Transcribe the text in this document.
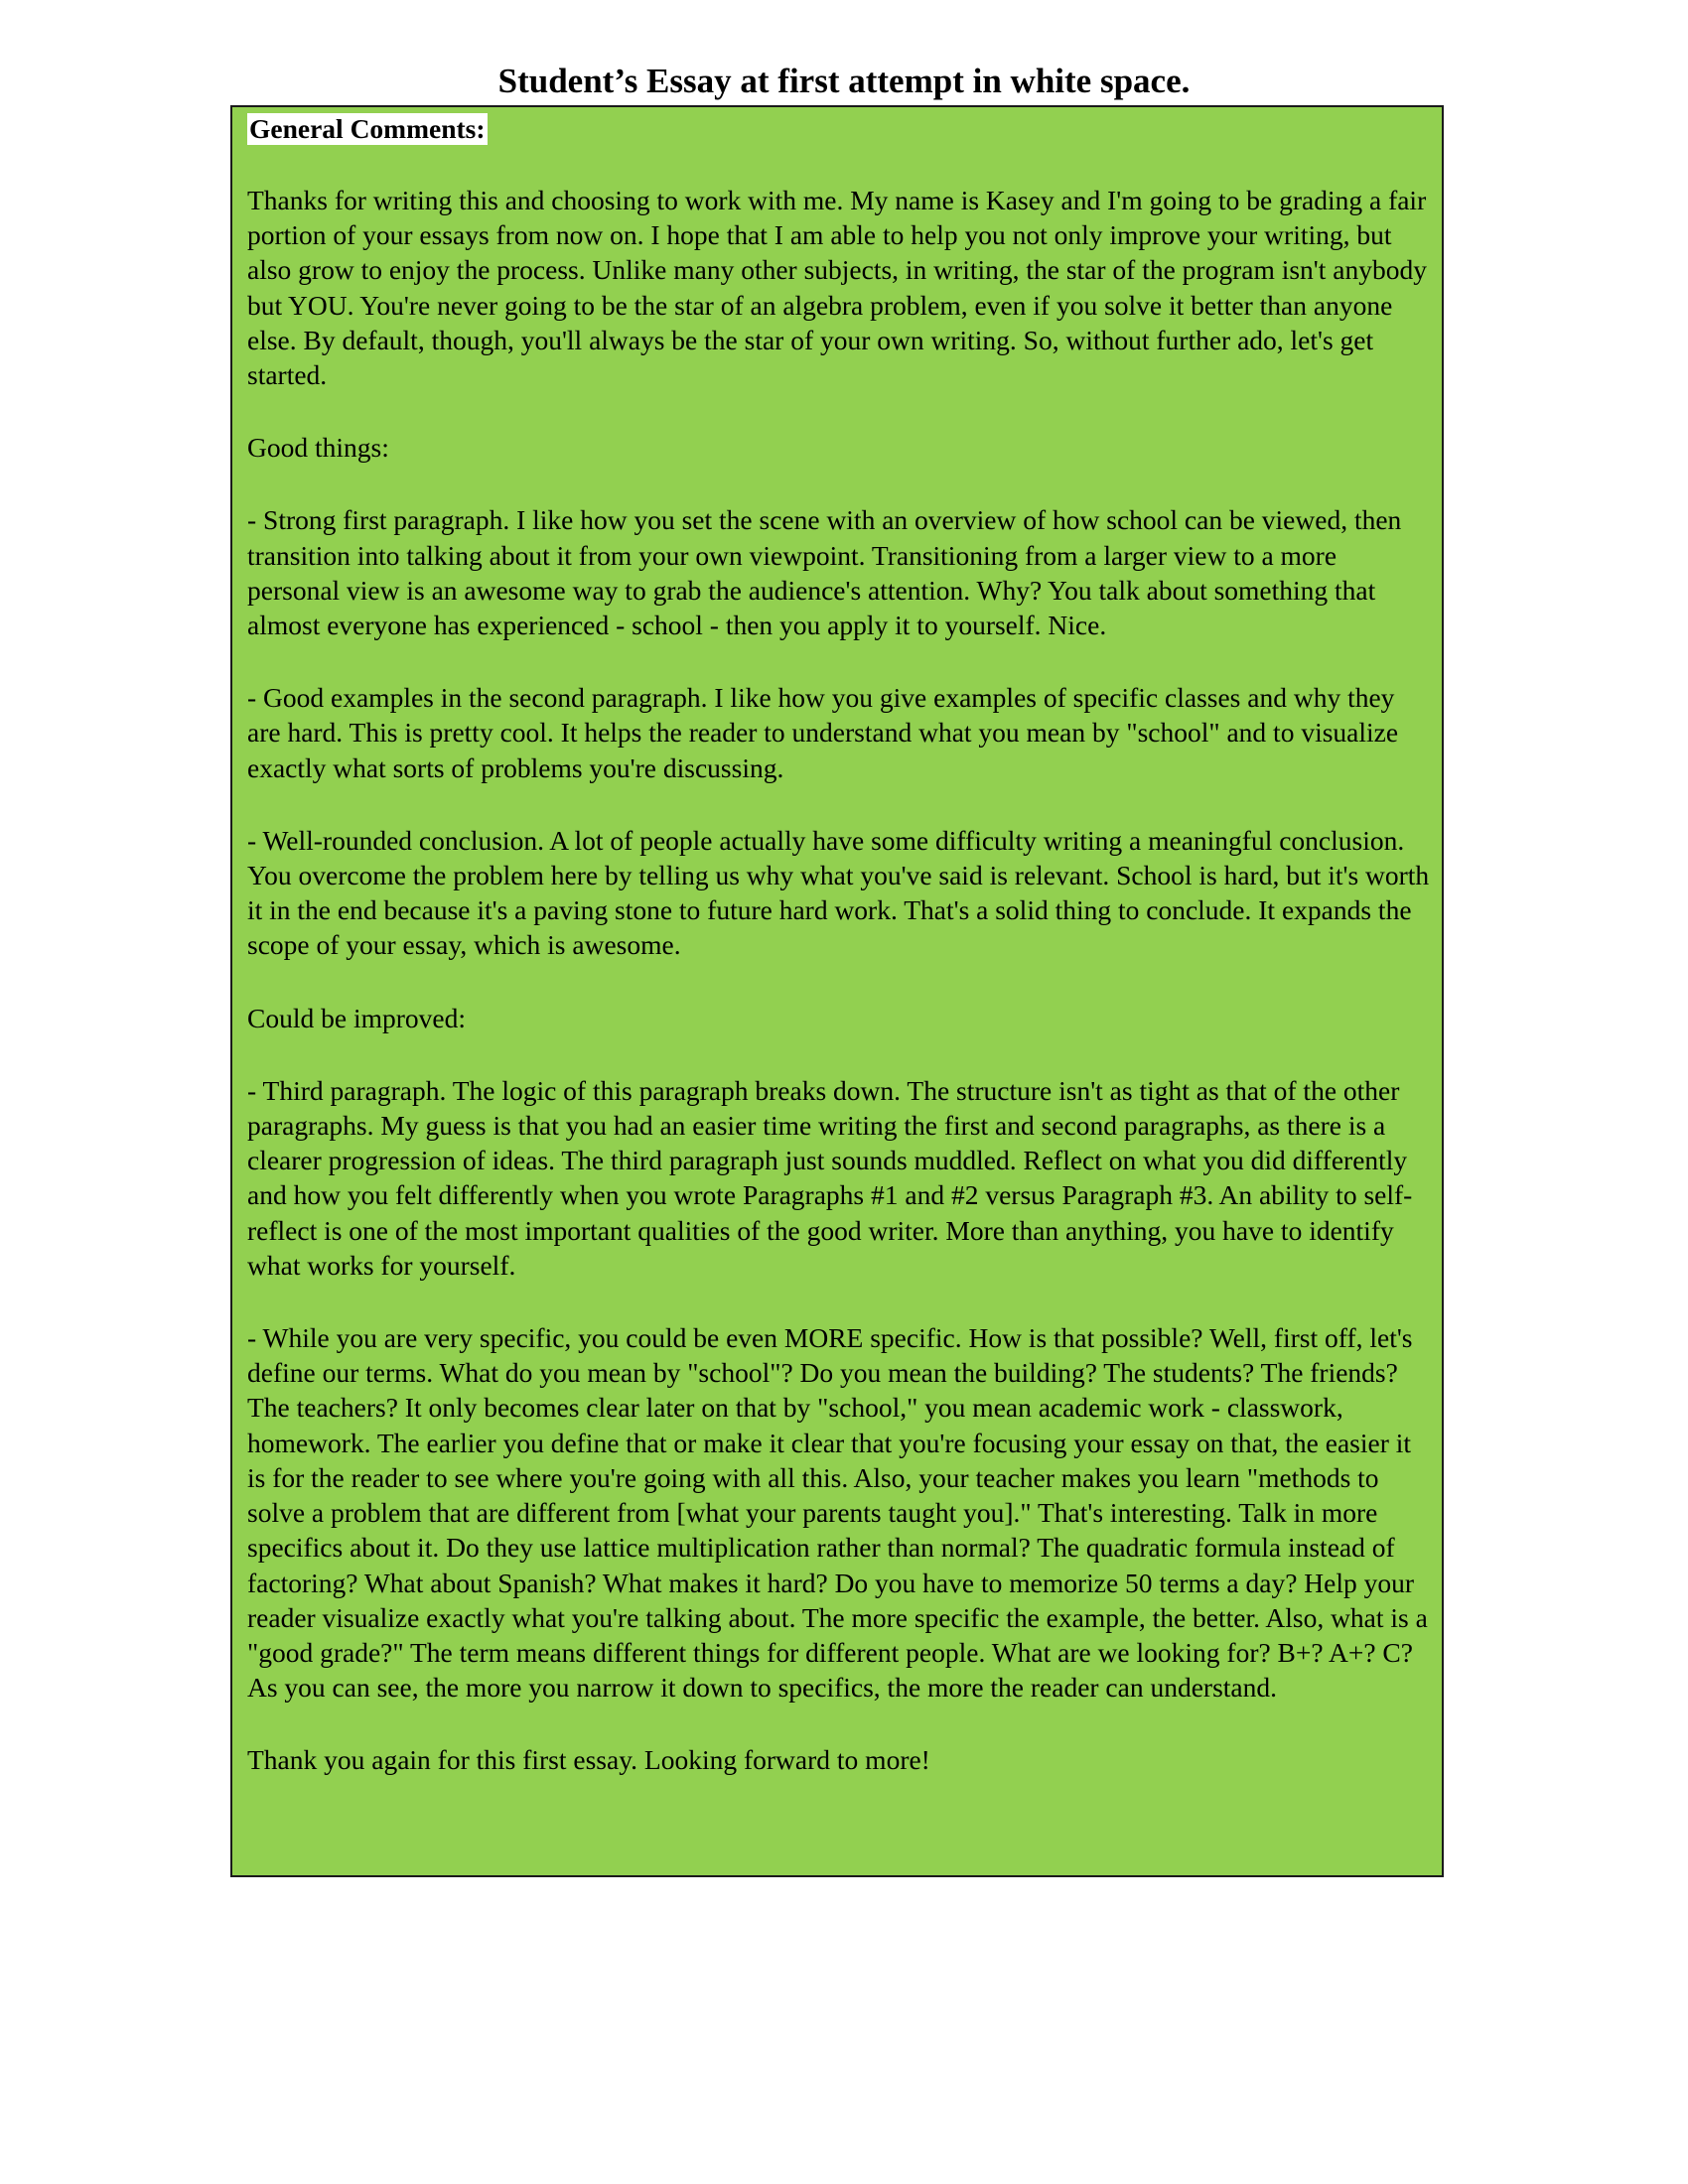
Student’s Essay at first attempt in white space.
General Comments:

Thanks for writing this and choosing to work with me. My name is Kasey and I'm going to be grading a fair portion of your essays from now on. I hope that I am able to help you not only improve your writing, but also grow to enjoy the process. Unlike many other subjects, in writing, the star of the program isn't anybody but YOU. You're never going to be the star of an algebra problem, even if you solve it better than anyone else. By default, though, you'll always be the star of your own writing. So, without further ado, let's get started.

Good things:

- Strong first paragraph. I like how you set the scene with an overview of how school can be viewed, then transition into talking about it from your own viewpoint. Transitioning from a larger view to a more personal view is an awesome way to grab the audience's attention. Why? You talk about something that almost everyone has experienced - school - then you apply it to yourself. Nice.

- Good examples in the second paragraph. I like how you give examples of specific classes and why they are hard. This is pretty cool. It helps the reader to understand what you mean by "school" and to visualize exactly what sorts of problems you're discussing.

- Well-rounded conclusion. A lot of people actually have some difficulty writing a meaningful conclusion. You overcome the problem here by telling us why what you've said is relevant. School is hard, but it's worth it in the end because it's a paving stone to future hard work. That's a solid thing to conclude. It expands the scope of your essay, which is awesome.

Could be improved:

- Third paragraph. The logic of this paragraph breaks down. The structure isn't as tight as that of the other paragraphs. My guess is that you had an easier time writing the first and second paragraphs, as there is a clearer progression of ideas. The third paragraph just sounds muddled. Reflect on what you did differently and how you felt differently when you wrote Paragraphs #1 and #2 versus Paragraph #3. An ability to self-reflect is one of the most important qualities of the good writer. More than anything, you have to identify what works for yourself.

- While you are very specific, you could be even MORE specific. How is that possible? Well, first off, let's define our terms. What do you mean by "school"? Do you mean the building? The students? The friends? The teachers? It only becomes clear later on that by "school," you mean academic work - classwork, homework. The earlier you define that or make it clear that you're focusing your essay on that, the easier it is for the reader to see where you're going with all this. Also, your teacher makes you learn "methods to solve a problem that are different from [what your parents taught you]." That's interesting. Talk in more specifics about it. Do they use lattice multiplication rather than normal? The quadratic formula instead of factoring? What about Spanish? What makes it hard? Do you have to memorize 50 terms a day? Help your reader visualize exactly what you're talking about. The more specific the example, the better. Also, what is a "good grade?" The term means different things for different people. What are we looking for? B+? A+? C? As you can see, the more you narrow it down to specifics, the more the reader can understand.

Thank you again for this first essay. Looking forward to more!
